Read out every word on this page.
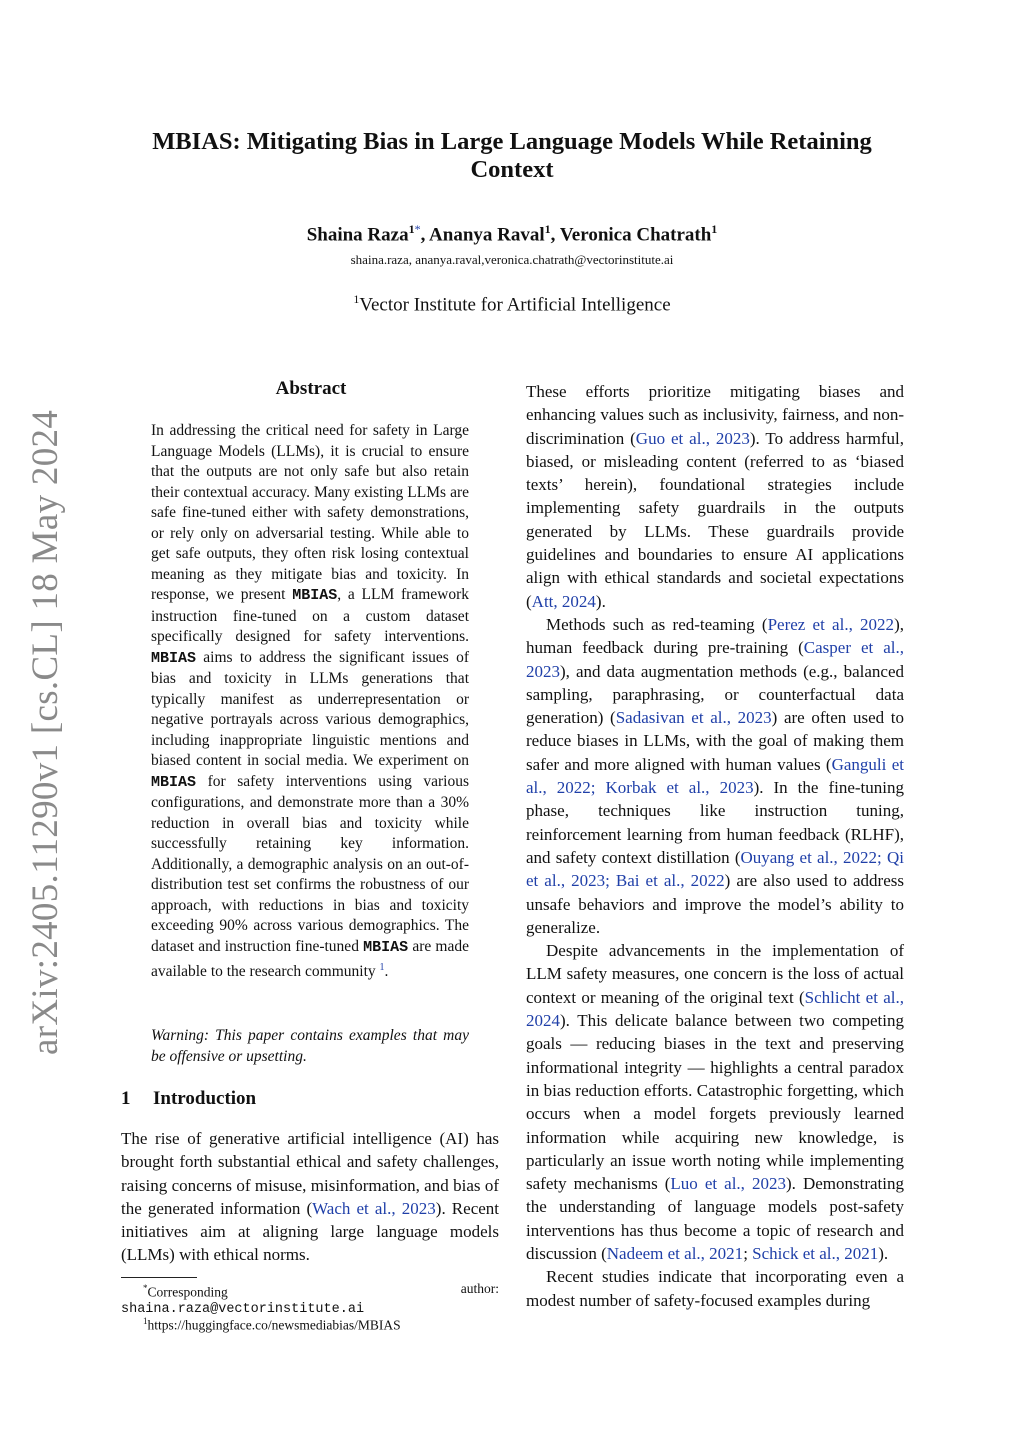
arXiv:2405.11290v1 [cs.CL] 18 May 2024
MBIAS: Mitigating Bias in Large Language Models While Retaining Context
Shaina Raza$^{1*}$, Ananya Raval$^1$, Veronica Chatrath$^1$
shaina.raza, ananya.raval,veronica.chatrath@vectorinstitute.ai
$^1$Vector Institute for Artificial Intelligence
Abstract

In addressing the critical need for safety in Large Language Models (LLMs), it is crucial to ensure that the outputs are not only safe but also retain their contextual accuracy. Many existing LLMs are safe fine-tuned either with safety demonstrations, or rely only on adversarial testing. While able to get safe outputs, they often risk losing contextual meaning as they mitigate bias and toxicity. In response, we present MBIAS, a LLM framework instruction fine-tuned on a custom dataset specifically designed for safety interventions. MBIAS aims to address the significant issues of bias and toxicity in LLMs generations that typically manifest as underrepresentation or negative portrayals across various demographics, including inappropriate linguistic mentions and biased content in social media. We experiment on MBIAS for safety interventions using various configurations, and demonstrate more than a 30% reduction in overall bias and toxicity while successfully retaining key information. Additionally, a demographic analysis on an out-of-distribution test set confirms the robustness of our approach, with reductions in bias and toxicity exceeding 90% across various demographics. The dataset and instruction fine-tuned MBIAS are made available to the research community $^1$.

Warning: This paper contains examples that may be offensive or upsetting.

1 Introduction

The rise of generative artificial intelligence (AI) has brought forth substantial ethical and safety challenges, raising concerns of misuse, misinformation, and bias of the generated information (Wach et al., 2023). Recent initiatives aim at aligning large language models (LLMs) with ethical norms.

*Corresponding	author:
shaina.raza@vectorinstitute.ai
$^1$https://huggingface.co/newsmediabias/MBIAS

These efforts prioritize mitigating biases and enhancing values such as inclusivity, fairness, and non-discrimination (Guo et al., 2023). To address harmful, biased, or misleading content (referred to as ‘biased texts’ herein), foundational strategies include implementing safety guardrails in the outputs generated by LLMs. These guardrails provide guidelines and boundaries to ensure AI applications align with ethical standards and societal expectations (Att, 2024).

Methods such as red-teaming (Perez et al., 2022), human feedback during pre-training (Casper et al., 2023), and data augmentation methods (e.g., balanced sampling, paraphrasing, or counterfactual data generation) (Sadasivan et al., 2023) are often used to reduce biases in LLMs, with the goal of making them safer and more aligned with human values (Ganguli et al., 2022; Korbak et al., 2023). In the fine-tuning phase, techniques like instruction tuning, reinforcement learning from human feedback (RLHF), and safety context distillation (Ouyang et al., 2022; Qi et al., 2023; Bai et al., 2022) are also used to address unsafe behaviors and improve the model’s ability to generalize.

Despite advancements in the implementation of LLM safety measures, one concern is the loss of actual context or meaning of the original text (Schlicht et al., 2024). This delicate balance between two competing goals — reducing biases in the text and preserving informational integrity — highlights a central paradox in bias reduction efforts. Catastrophic forgetting, which occurs when a model forgets previously learned information while acquiring new knowledge, is particularly an issue worth noting while implementing safety mechanisms (Luo et al., 2023). Demonstrating the understanding of language models post-safety interventions has thus become a topic of research and discussion (Nadeem et al., 2021; Schick et al., 2021).

Recent studies indicate that incorporating even a modest number of safety-focused examples during
